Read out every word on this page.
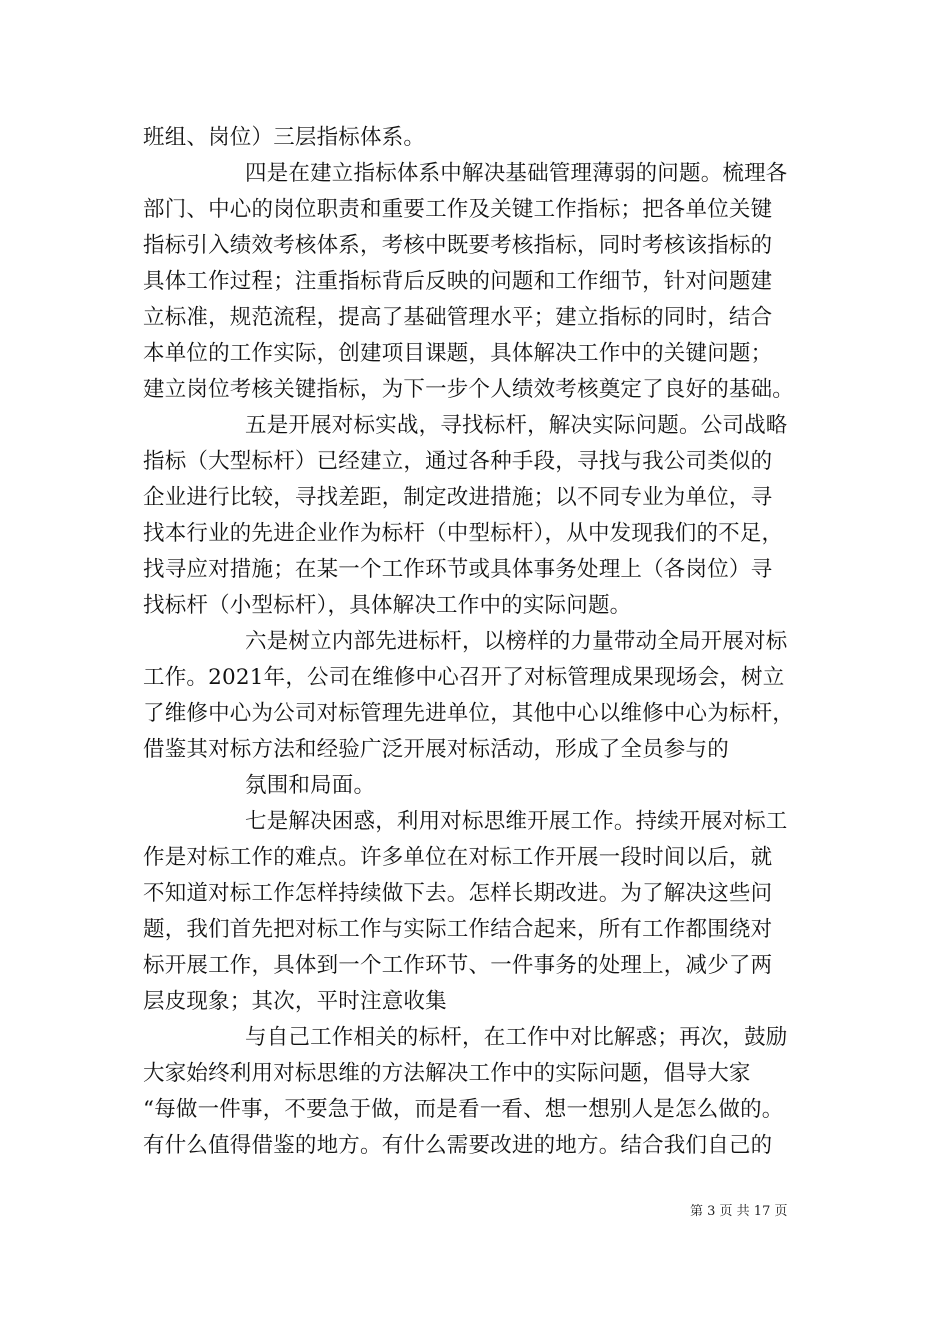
班组、岗位）三层指标体系。
四是在建立指标体系中解决基础管理薄弱的问题。梳理各
部门、中心的岗位职责和重要工作及关键工作指标；把各单位关键
指标引入绩效考核体系，考核中既要考核指标，同时考核该指标的
具体工作过程；注重指标背后反映的问题和工作细节，针对问题建
立标准，规范流程，提高了基础管理水平；建立指标的同时，结合
本单位的工作实际，创建项目课题，具体解决工作中的关键问题；
建立岗位考核关键指标，为下一步个人绩效考核奠定了良好的基础。
五是开展对标实战，寻找标杆，解决实际问题。公司战略
指标（大型标杆）已经建立，通过各种手段，寻找与我公司类似的
企业进行比较，寻找差距，制定改进措施；以不同专业为单位，寻
找本行业的先进企业作为标杆（中型标杆），从中发现我们的不足，
找寻应对措施；在某一个工作环节或具体事务处理上（各岗位）寻
找标杆（小型标杆），具体解决工作中的实际问题。
六是树立内部先进标杆，以榜样的力量带动全局开展对标
工作。2021年，公司在维修中心召开了对标管理成果现场会，树立
了维修中心为公司对标管理先进单位，其他中心以维修中心为标杆，
借鉴其对标方法和经验广泛开展对标活动，形成了全员参与的
氛围和局面。
七是解决困惑，利用对标思维开展工作。持续开展对标工
作是对标工作的难点。许多单位在对标工作开展一段时间以后，就
不知道对标工作怎样持续做下去。怎样长期改进。为了解决这些问
题，我们首先把对标工作与实际工作结合起来，所有工作都围绕对
标开展工作，具体到一个工作环节、一件事务的处理上，减少了两
层皮现象；其次，平时注意收集
与自己工作相关的标杆，在工作中对比解惑；再次，鼓励
大家始终利用对标思维的方法解决工作中的实际问题，倡导大家
“每做一件事，不要急于做，而是看一看、想一想别人是怎么做的。
有什么值得借鉴的地方。有什么需要改进的地方。结合我们自己的
第 3 页 共 17 页
